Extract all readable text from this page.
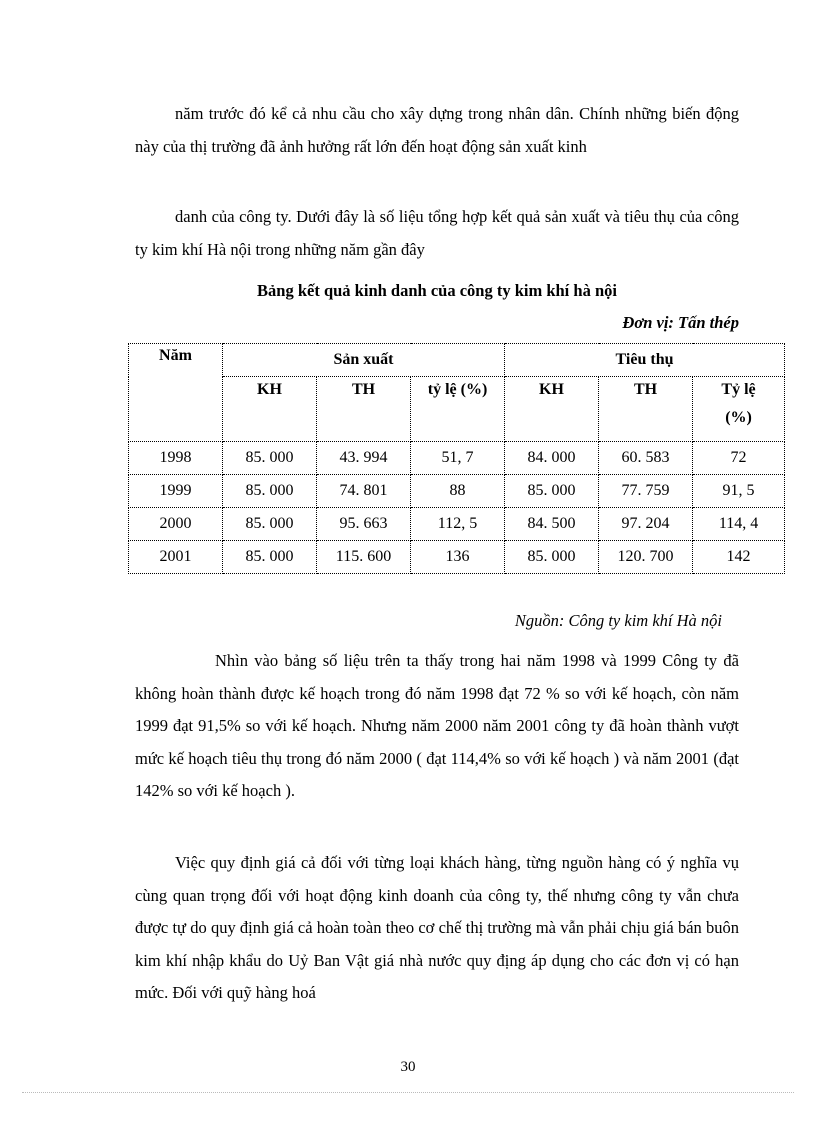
năm trước đó kể cả nhu cầu cho xây dựng trong nhân dân. Chính những biến động này của thị trường đã ảnh hưởng rất lớn đến hoạt động sản xuất kinh

danh của công ty. Dưới đây là số liệu tổng hợp kết quả sản xuất và tiêu thụ của công ty kim khí Hà nội trong những năm gần đây

Bảng kết quả kinh danh của công ty kim khí hà nội

Đơn vị: Tấn thép

Năm	Sản xuất			Tiêu thụ		
	KH	TH	tỷ lệ (%)	KH	TH	Tỷ lệ
(%)

1998	85. 000	43. 994	51, 7	84. 000	60. 583	72
1999	85. 000	74. 801	88	85. 000	77. 759	91, 5
2000	85. 000	95. 663	112, 5	84. 500	97. 204	114, 4
2001	85. 000	115. 600	136	85. 000	120. 700	142

Nguồn: Công ty kim khí Hà nội

Nhìn vào bảng số liệu trên ta thấy trong hai năm 1998 và 1999 Công ty đã không hoàn thành được kế hoạch trong đó năm 1998 đạt 72 % so với kế hoạch, còn năm 1999 đạt 91,5% so với kế hoạch. Nhưng năm 2000 năm 2001 công ty đã hoàn thành vượt mức kế hoạch tiêu thụ trong đó năm 2000 ( đạt 114,4% so với kế hoạch ) và năm 2001 (đạt 142% so với kế hoạch ).

Việc quy định giá cả đối với từng loại khách hàng, từng nguồn hàng có ý nghĩa vụ cùng quan trọng đối với hoạt động kinh doanh của công ty, thế nhưng công ty vẫn chưa được tự do quy định giá cả hoàn toàn theo cơ chế thị trường mà vẫn phải chịu giá bán buôn kim khí nhập khẩu do Uỷ Ban Vật giá nhà nước quy địng áp dụng cho các đơn vị có hạn mức. Đối với quỹ hàng hoá

30
